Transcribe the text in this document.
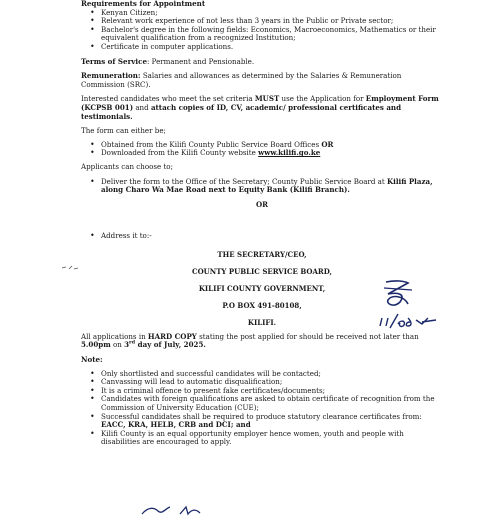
Requirements for Appointment

• Kenyan Citizen;
• Relevant work experience of not less than 3 years in the Public or Private sector;
• Bachelor's degree in the following fields: Economics, Macroeconomics, Mathematics or their equivalent qualification from a recognized Institution;
• Certificate in computer applications.

Terms of Service: Permanent and Pensionable.

Remuneration: Salaries and allowances as determined by the Salaries & Remuneration Commission (SRC).

Interested candidates who meet the set criteria MUST use the Application for Employment Form (KCPSB 001) and attach copies of ID, CV, academic/ professional certificates and testimonials.

The form can either be;

• Obtained from the Kilifi County Public Service Board Offices OR
• Downloaded from the Kilifi County website www.kilifi.go.ke

Applicants can choose to;

• Deliver the form to the Office of the Secretary; County Public Service Board at Kilifi Plaza, along Charo Wa Mae Road next to Equity Bank (Kilifi Branch).

OR

• Address it to:-
THE SECRETARY/CEO,
COUNTY PUBLIC SERVICE BOARD,
KILIFI COUNTY GOVERNMENT,
P.O BOX 491-80108,
KILIFI.

All applications in HARD COPY stating the post applied for should be received not later than 5.00pm on 3rd day of July, 2025.

Note:

• Only shortlisted and successful candidates will be contacted;
• Canvassing will lead to automatic disqualification;
• It is a criminal offence to present fake certificates/documents;
• Candidates with foreign qualifications are asked to obtain certificate of recognition from the Commission of University Education (CUE);
• Successful candidates shall be required to produce statutory clearance certificates from: EACC, KRA, HELB, CRB and DCI; and
• Kilifi County is an equal opportunity employer hence women, youth and people with disabilities are encouraged to apply.
